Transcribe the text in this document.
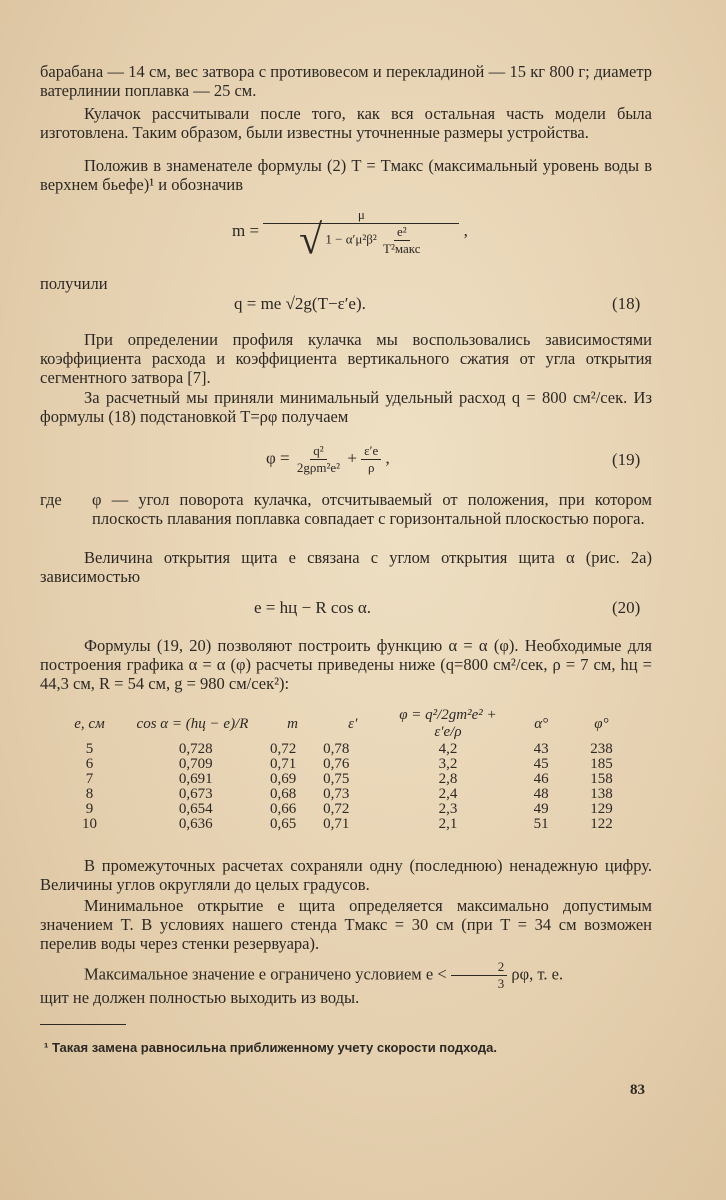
барабана — 14 см, вес затвора с противовесом и перекладиной — 15 кг 800 г; диаметр ватерлинии поплавка — 25 см.
Кулачок рассчитывали после того, как вся остальная часть модели была изготовлена. Таким образом, были известны уточненные размеры устройства.
Положив в знаменателе формулы (2) T = Tмакс (максимальный уровень воды в верхнем бьефе)¹ и обозначив
$m = \frac{\mu}{√ 1 - \alpha'\mu^2\beta^2 \frac{\text{e²}}{\text{T²макс}}}$ ,
получили
q = me √2g(T−ε′e).	(18)
При определении профиля кулачка мы воспользовались зависимостями коэффициента расхода и коэффициента вертикального сжатия от угла открытия сегментного затвора [7].
За расчетный мы приняли минимальный удельный расход q = 800 см²/сек. Из формулы (18) подстановкой T=ρφ получаем
$\varphi = \frac{\text{q²}}{\text{2gρm²e²}} + \frac{\varepsilon'e}{\rho}$ ,	(19)
где φ — угол поворота кулачка, отсчитываемый от положения, при котором плоскость плавания поплавка совпадает с горизонтальной плоскостью порога.
Величина открытия щита e связана с углом открытия щита α (рис. 2а) зависимостью
e = hц − R cos α.	(20)
Формулы (19, 20) позволяют построить функцию α = α (φ). Необходимые для построения графика α = α (φ) расчеты приведены ниже (q=800 см²/сек, ρ = 7 см, hц = 44,3 см, R = 54 см, g = 980 см/сек²):
e, см	cos α = (hц − e)/R	m	ε′	φ = q²/2gm²e² + ε′e/ρ	α°	φ°
5	0,728	0,72	0,78	4,2	43	238
6	0,709	0,71	0,76	3,2	45	185
7	0,691	0,69	0,75	2,8	46	158
8	0,673	0,68	0,73	2,4	48	138
9	0,654	0,66	0,72	2,3	49	129
10	0,636	0,65	0,71	2,1	51	122
В промежуточных расчетах сохраняли одну (последнюю) ненадежную цифру. Величины углов округляли до целых градусов.
Минимальное открытие e щита определяется максимально допустимым значением T. В условиях нашего стенда Tмакс = 30 см (при T = 34 см возможен перелив воды через стенки резервуара).
Максимальное значение e ограничено условием $e < \frac{2}{3} \rho\varphi$, т. е.
щит не должен полностью выходить из воды.
¹ Такая замена равносильна приближенному учету скорости подхода.
83
